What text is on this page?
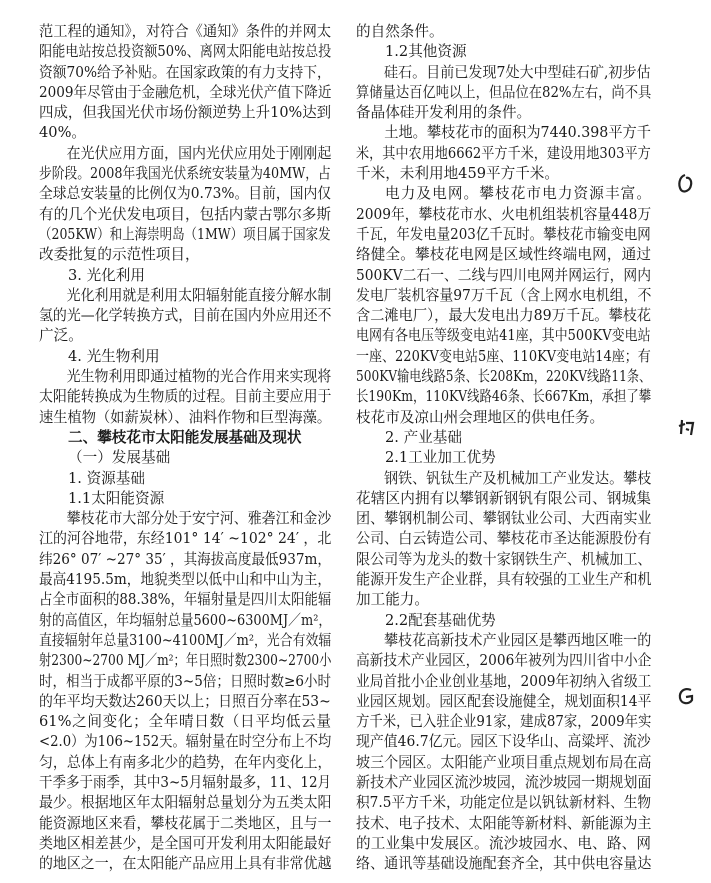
范工程的通知》，对符合《通知》条件的并网太
阳能电站按总投资额50%、离网太阳能电站按总投
资额70%给予补贴。在国家政策的有力支持下，
2009年尽管由于金融危机，全球光伏产值下降近
四成，但我国光伏市场份额逆势上升10%达到
40%。
在光伏应用方面，国内光伏应用处于刚刚起
步阶段。2008年我国光伏系统安装量为40MW，占
全球总安装量的比例仅为0.73%。目前，国内仅
有的几个光伏发电项目，包括内蒙古鄂尔多斯
（205KW）和上海崇明岛（1MW）项目属于国家发
改委批复的示范性项目，
3. 光化利用
光化利用就是利用太阳辐射能直接分解水制
氢的光—化学转换方式，目前在国内外应用还不
广泛。
4. 光生物利用
光生物利用即通过植物的光合作用来实现将
太阳能转换成为生物质的过程。目前主要应用于
速生植物（如薪炭林）、油料作物和巨型海藻。
二、攀枝花市太阳能发展基础及现状
（一）发展基础
1. 资源基础
1.1太阳能资源
攀枝花市大部分处于安宁河、雅砻江和金沙
江的河谷地带，东经101° 14′ ~102° 24′ ，北
纬26° 07′ ~27° 35′ ，其海拔高度最低937m，
最高4195.5m，地貌类型以低中山和中山为主，
占全市面积的88.38%，年辐射量是四川太阳能辐
射的高值区，年均辐射总量5600~6300MJ／m²，
直接辐射年总量3100~4100MJ／m²，光合有效辐
射2300~2700 MJ／m²；年日照时数2300~2700小
时，相当于成都平原的3~5倍；日照时数≥6小时
的年平均天数达260天以上；日照百分率在53~
61%之间变化；全年晴日数（日平均低云量
<2.0）为106~152天。辐射量在时空分布上不均
匀，总体上有南多北少的趋势，在年内变化上，
干季多于雨季，其中3~5月辐射最多，11、12月
最少。根据地区年太阳辐射总量划分为五类太阳
能资源地区来看，攀枝花属于二类地区，且与一
类地区相差甚少，是全国可开发利用太阳能最好
的地区之一，在太阳能产品应用上具有非常优越
的自然条件。
1.2其他资源
硅石。目前已发现7处大中型硅石矿,初步估
算储量达百亿吨以上，但品位在82%左右，尚不具
备晶体硅开发利用的条件。
土地。攀枝花市的面积为7440.398平方千
米，其中农用地6662平方千米，建设用地303平方
千米，未利用地459平方千米。
电力及电网。攀枝花市电力资源丰富。
2009年，攀枝花市水、火电机组装机容量448万
千瓦，年发电量203亿千瓦时。攀枝花市输变电网
络健全。攀枝花电网是区域性终端电网，通过
500KV二石一、二线与四川电网并网运行，网内
发电厂装机容量97万千瓦（含上网水电机组，不
含二滩电厂），最大发电出力89万千瓦。攀枝花
电网有各电压等级变电站41座，其中500KV变电站
一座、220KV变电站5座、110KV变电站14座；有
500KV输电线路5条、长208Km，220KV线路11条、
长190Km，110KV线路46条、长667Km，承担了攀
枝花市及凉山州会理地区的供电任务。
2. 产业基础
2.1工业加工优势
钢铁、钒钛生产及机械加工产业发达。攀枝
花辖区内拥有以攀钢新钢钒有限公司、钢城集
团、攀钢机制公司、攀钢钛业公司、大西南实业
公司、白云铸造公司、攀枝花市圣达能源股份有
限公司等为龙头的数十家钢铁生产、机械加工、
能源开发生产企业群，具有较强的工业生产和机
加工能力。
2.2配套基础优势
攀枝花高新技术产业园区是攀西地区唯一的
高新技术产业园区，2006年被列为四川省中小企
业局首批小企业创业基地，2009年初纳入省级工
业园区规划。园区配套设施健全，规划面积14平
方千米，已入驻企业91家，建成87家，2009年实
现产值46.7亿元。园区下设华山、高粱坪、流沙
坡三个园区。太阳能产业项目重点规划布局在高
新技术产业园区流沙坡园，流沙坡园一期规划面
积7.5平方千米，功能定位是以钒钛新材料、生物
技术、电子技术、太阳能等新材料、新能源为主
的工业集中发展区。流沙坡园水、电、路、网
络、通讯等基础设施配套齐全，其中供电容量达
